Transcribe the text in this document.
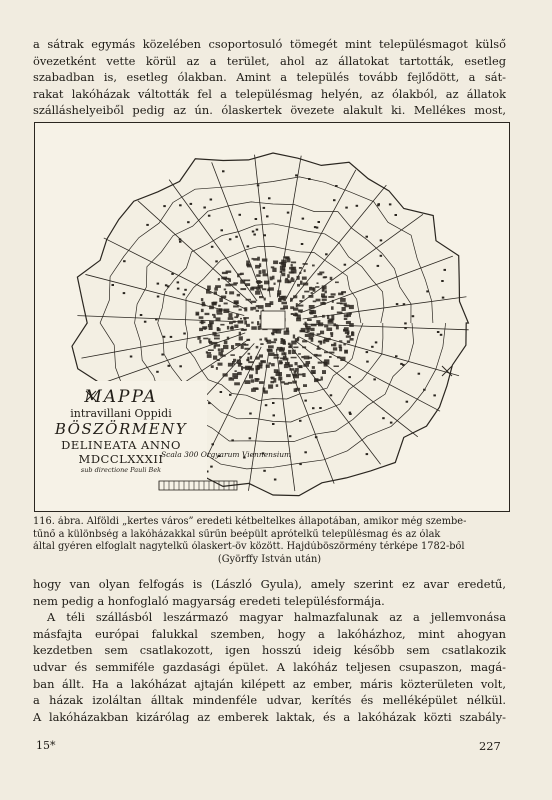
a sátrak egymás közelében csoportosuló tömegét mint településmagot külső
övezetként vette körül az a terület, ahol az állatokat tartották, esetleg
szabadban is, esetleg ólakban. Amint a település tovább fejlődött, a sát-
rakat lakóházak váltották fel a településmag helyén, az ólakból, az állatok
szálláshelyeiből pedig az ún. ólaskertek övezete alakult ki. Mellékes most,

MAPPA
intravillani Oppidi
BÖSZÖRMENY
DELINEATA ANNO
MDCCLXXXII
sub directione Pauli Bek
Scala 300 Orgyarum Viennensium

116. ábra. Alföldi „kertes város” eredeti kétbeltelkes állapotában, amikor még szembe-
tűnő a különbség a lakóházakkal sűrűn beépült aprótelkű településmag és az ólak
által gyéren elfoglalt nagytelkű ólaskert-öv között. Hajdúböszörmény térképe 1782-ből
(Györffy István után)

hogy van olyan felfogás is (László Gyula), amely szerint ez avar eredetű,
nem pedig a honfoglaló magyarság eredeti településformája.
A téli szállásból leszármazó magyar halmazfalunak az a jellemvonása
másfajta európai falukkal szemben, hogy a lakóházhoz, mint ahogyan
kezdetben sem csatlakozott, igen hosszú ideig később sem csatlakozik
udvar és semmiféle gazdasági épület. A lakóház teljesen csupaszon, magá-
ban állt. Ha a lakóházat ajtaján kilépett az ember, máris közterületen volt,
a házak izoláltan álltak mindenféle udvar, kerítés és melléképület nélkül.
A lakóházakban kizárólag az emberek laktak, és a lakóházak közti szabály-

15*	227
